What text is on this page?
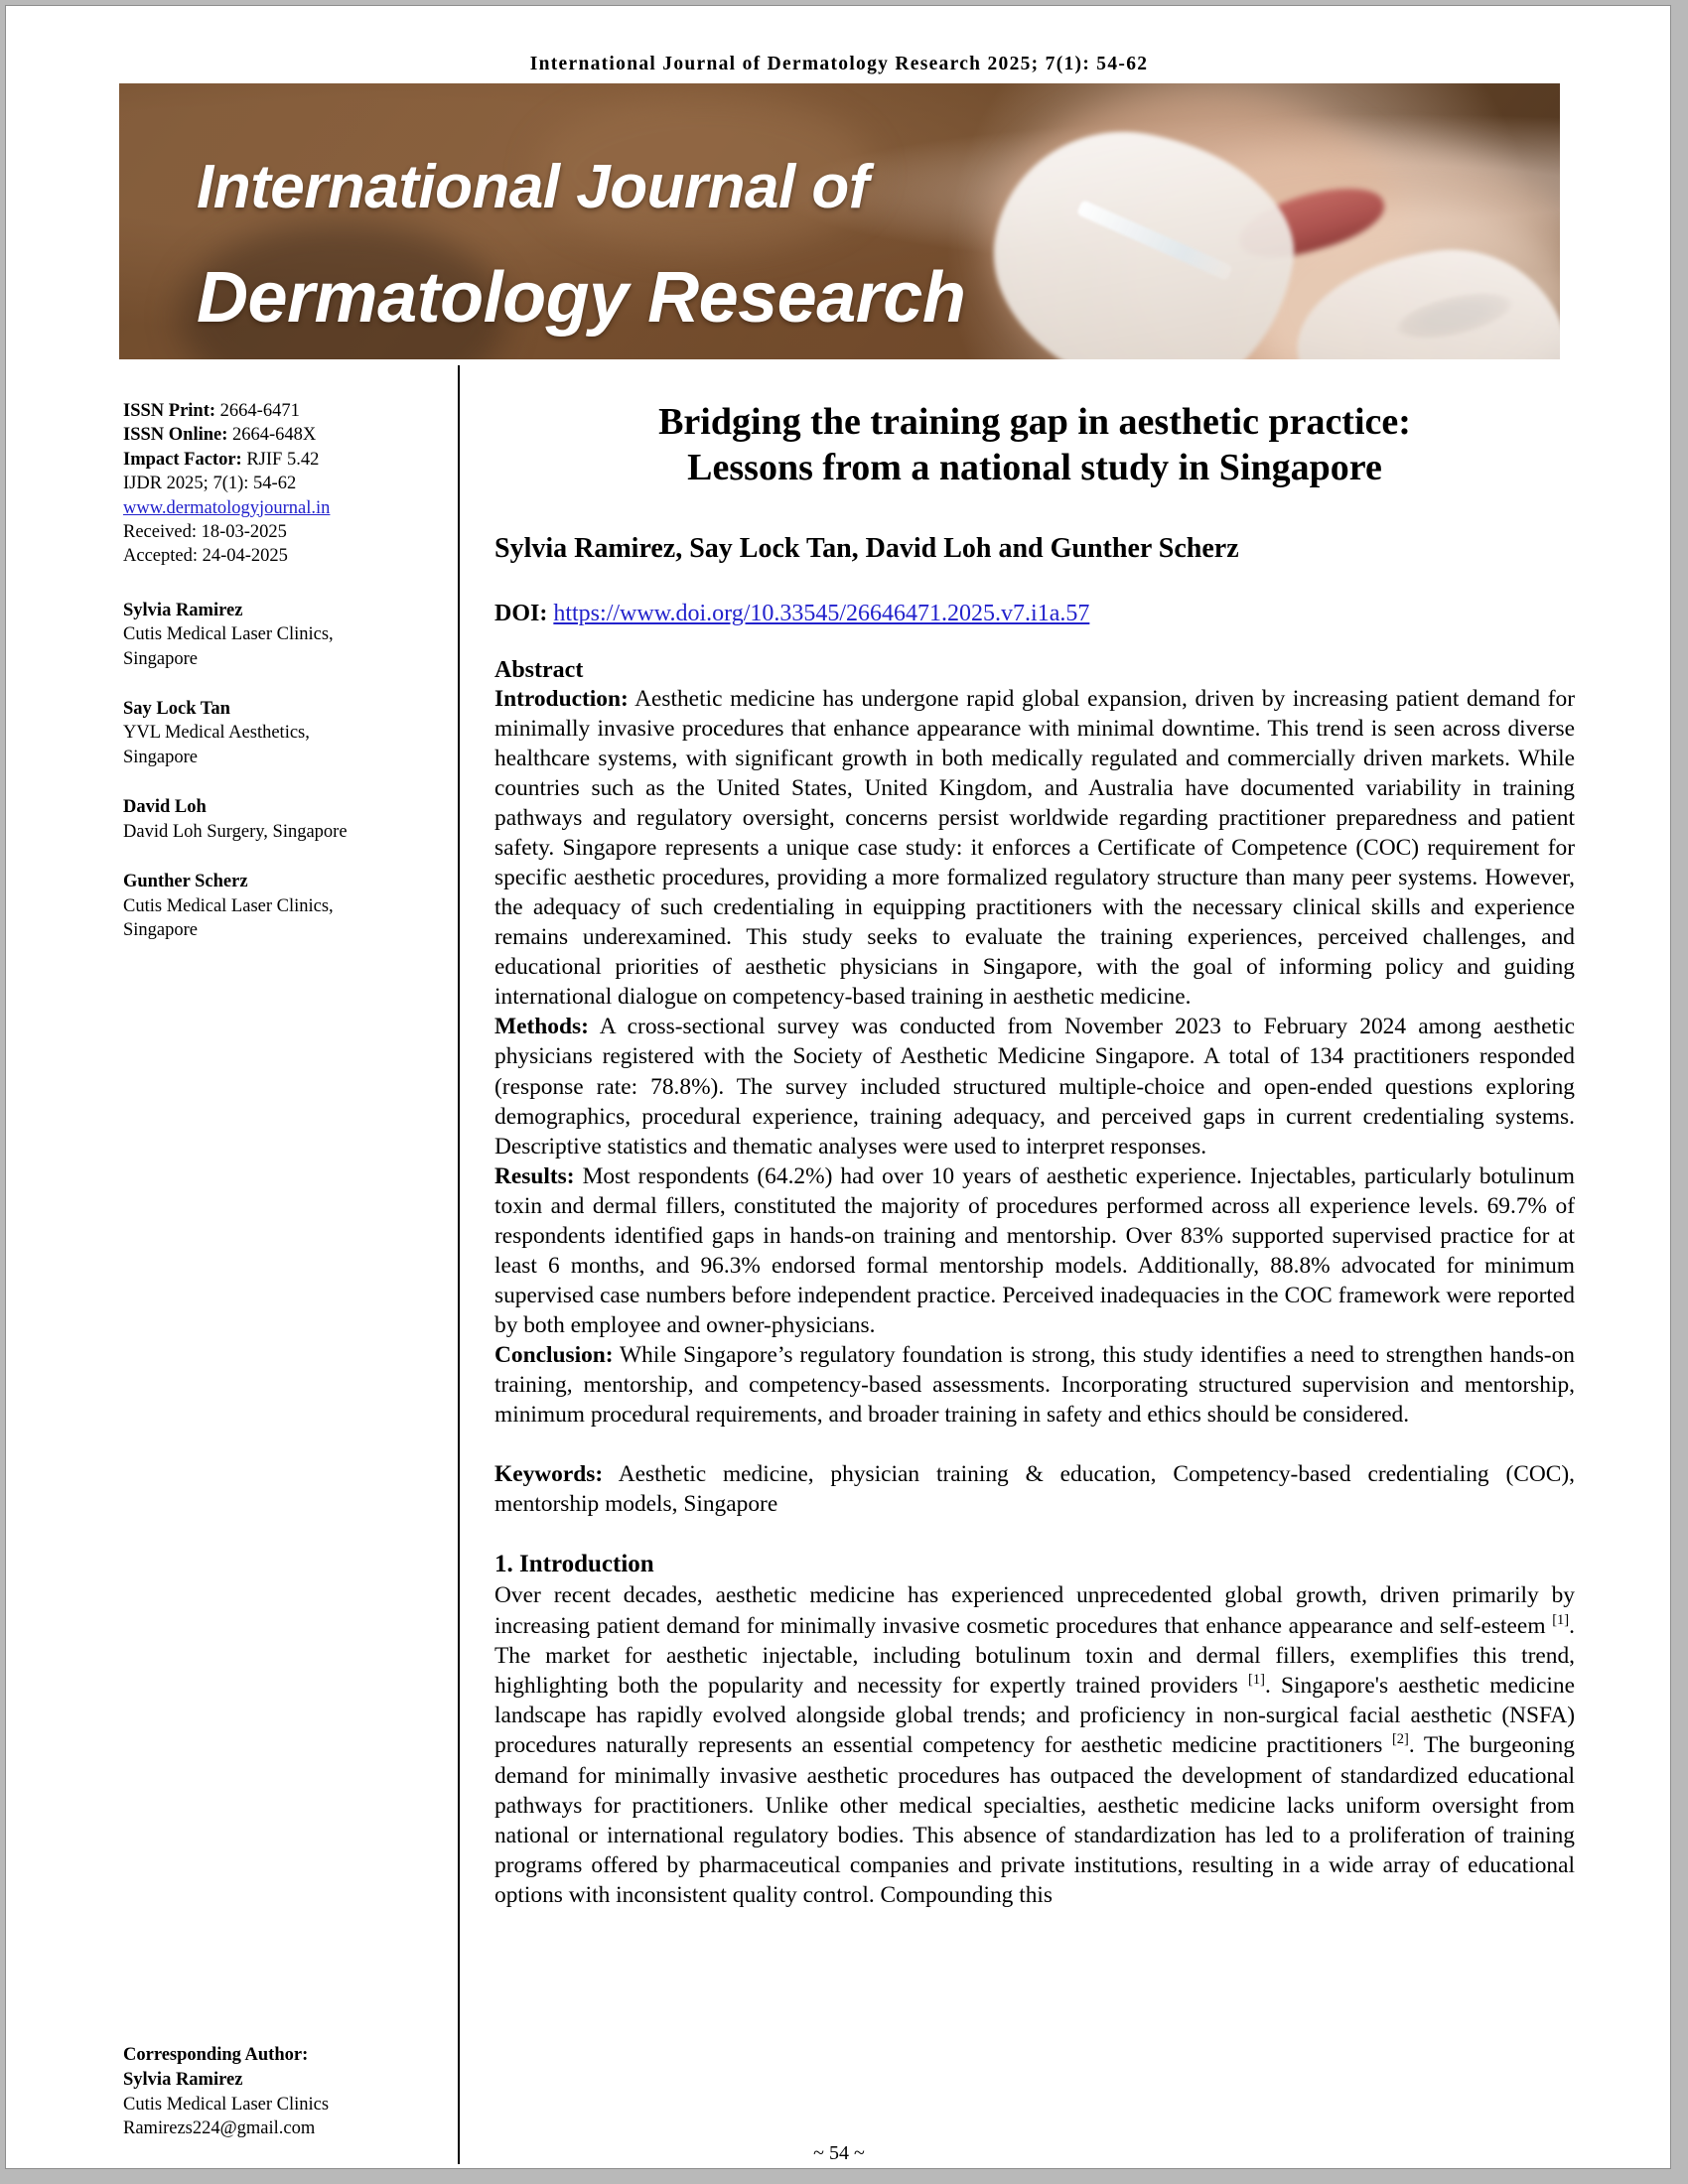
International Journal of Dermatology Research 2025; 7(1): 54-62

International Journal of

Dermatology Research

ISSN Print: 2664-6471
ISSN Online: 2664-648X
Impact Factor: RJIF 5.42
IJDR 2025; 7(1): 54-62
www.dermatologyjournal.in
Received: 18-03-2025
Accepted: 24-04-2025
Sylvia Ramirez
Cutis Medical Laser Clinics,
Singapore
Say Lock Tan
YVL Medical Aesthetics,
Singapore
David Loh
David Loh Surgery, Singapore
Gunther Scherz
Cutis Medical Laser Clinics,
Singapore
Corresponding Author:
Sylvia Ramirez
Cutis Medical Laser Clinics
Ramirezs224@gmail.com
Bridging the training gap in aesthetic practice:
Lessons from a national study in Singapore
Sylvia Ramirez, Say Lock Tan, David Loh and Gunther Scherz
DOI: https://www.doi.org/10.33545/26646471.2025.v7.i1a.57
Abstract

Introduction: Aesthetic medicine has undergone rapid global expansion, driven by increasing patient demand for minimally invasive procedures that enhance appearance with minimal downtime. This trend is seen across diverse healthcare systems, with significant growth in both medically regulated and commercially driven markets. While countries such as the United States, United Kingdom, and Australia have documented variability in training pathways and regulatory oversight, concerns persist worldwide regarding practitioner preparedness and patient safety. Singapore represents a unique case study: it enforces a Certificate of Competence (COC) requirement for specific aesthetic procedures, providing a more formalized regulatory structure than many peer systems. However, the adequacy of such credentialing in equipping practitioners with the necessary clinical skills and experience remains underexamined. This study seeks to evaluate the training experiences, perceived challenges, and educational priorities of aesthetic physicians in Singapore, with the goal of informing policy and guiding international dialogue on competency-based training in aesthetic medicine.

Methods: A cross-sectional survey was conducted from November 2023 to February 2024 among aesthetic physicians registered with the Society of Aesthetic Medicine Singapore. A total of 134 practitioners responded (response rate: 78.8%). The survey included structured multiple-choice and open-ended questions exploring demographics, procedural experience, training adequacy, and perceived gaps in current credentialing systems. Descriptive statistics and thematic analyses were used to interpret responses.

Results: Most respondents (64.2%) had over 10 years of aesthetic experience. Injectables, particularly botulinum toxin and dermal fillers, constituted the majority of procedures performed across all experience levels. 69.7% of respondents identified gaps in hands-on training and mentorship. Over 83% supported supervised practice for at least 6 months, and 96.3% endorsed formal mentorship models. Additionally, 88.8% advocated for minimum supervised case numbers before independent practice. Perceived inadequacies in the COC framework were reported by both employee and owner-physicians.

Conclusion: While Singapore’s regulatory foundation is strong, this study identifies a need to strengthen hands-on training, mentorship, and competency-based assessments. Incorporating structured supervision and mentorship, minimum procedural requirements, and broader training in safety and ethics should be considered.

Keywords: Aesthetic medicine, physician training & education, Competency-based credentialing (COC), mentorship models, Singapore
1. Introduction

Over recent decades, aesthetic medicine has experienced unprecedented global growth, driven primarily by increasing patient demand for minimally invasive cosmetic procedures that enhance appearance and self-esteem [1]. The market for aesthetic injectable, including botulinum toxin and dermal fillers, exemplifies this trend, highlighting both the popularity and necessity for expertly trained providers [1]. Singapore's aesthetic medicine landscape has rapidly evolved alongside global trends; and proficiency in non-surgical facial aesthetic (NSFA) procedures naturally represents an essential competency for aesthetic medicine practitioners [2]. The burgeoning demand for minimally invasive aesthetic procedures has outpaced the development of standardized educational pathways for practitioners. Unlike other medical specialties, aesthetic medicine lacks uniform oversight from national or international regulatory bodies. This absence of standardization has led to a proliferation of training programs offered by pharmaceutical companies and private institutions, resulting in a wide array of educational options with inconsistent quality control. Compounding this

~ 54 ~
